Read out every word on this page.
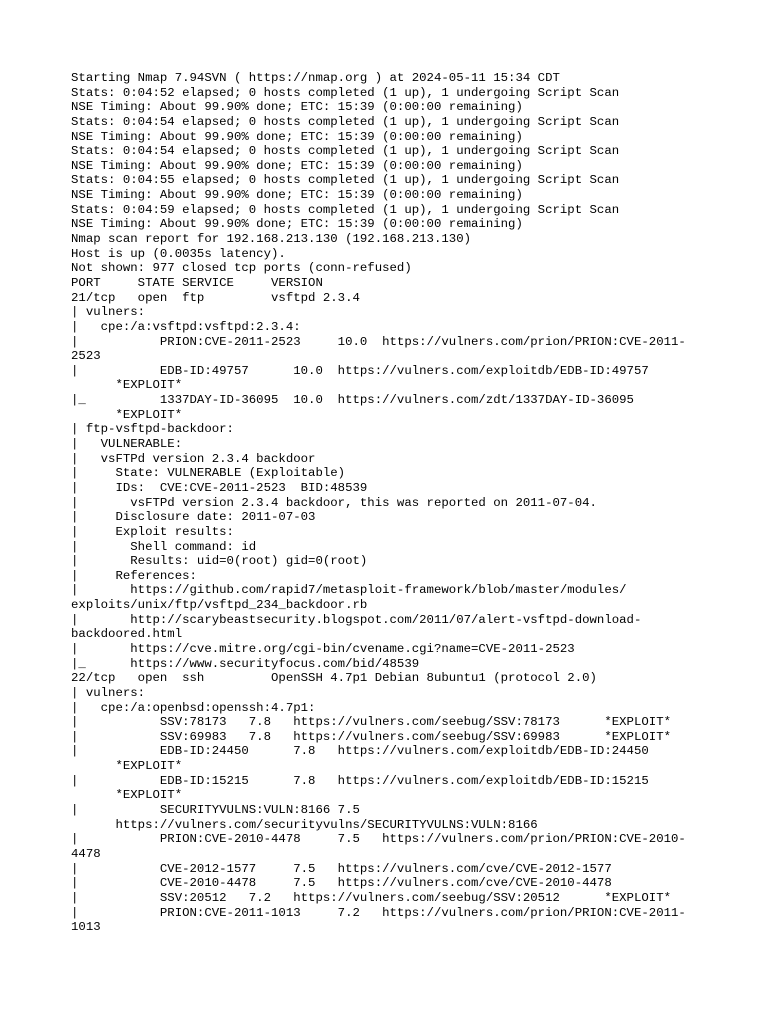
Starting Nmap 7.94SVN ( https://nmap.org ) at 2024-05-11 15:34 CDT
Stats: 0:04:52 elapsed; 0 hosts completed (1 up), 1 undergoing Script Scan
NSE Timing: About 99.90% done; ETC: 15:39 (0:00:00 remaining)
Stats: 0:04:54 elapsed; 0 hosts completed (1 up), 1 undergoing Script Scan
NSE Timing: About 99.90% done; ETC: 15:39 (0:00:00 remaining)
Stats: 0:04:54 elapsed; 0 hosts completed (1 up), 1 undergoing Script Scan
NSE Timing: About 99.90% done; ETC: 15:39 (0:00:00 remaining)
Stats: 0:04:55 elapsed; 0 hosts completed (1 up), 1 undergoing Script Scan
NSE Timing: About 99.90% done; ETC: 15:39 (0:00:00 remaining)
Stats: 0:04:59 elapsed; 0 hosts completed (1 up), 1 undergoing Script Scan
NSE Timing: About 99.90% done; ETC: 15:39 (0:00:00 remaining)
Nmap scan report for 192.168.213.130 (192.168.213.130)
Host is up (0.0035s latency).
Not shown: 977 closed tcp ports (conn-refused)
PORT     STATE SERVICE     VERSION
21/tcp   open  ftp         vsftpd 2.3.4
| vulners:
|   cpe:/a:vsftpd:vsftpd:2.3.4:
|           PRION:CVE-2011-2523     10.0  https://vulners.com/prion/PRION:CVE-2011-
2523
|           EDB-ID:49757      10.0  https://vulners.com/exploitdb/EDB-ID:49757
*EXPLOIT*
|_          1337DAY-ID-36095  10.0  https://vulners.com/zdt/1337DAY-ID-36095
*EXPLOIT*
| ftp-vsftpd-backdoor:
|   VULNERABLE:
|   vsFTPd version 2.3.4 backdoor
|     State: VULNERABLE (Exploitable)
|     IDs:  CVE:CVE-2011-2523  BID:48539
|       vsFTPd version 2.3.4 backdoor, this was reported on 2011-07-04.
|     Disclosure date: 2011-07-03
|     Exploit results:
|       Shell command: id
|       Results: uid=0(root) gid=0(root)
|     References:
|       https://github.com/rapid7/metasploit-framework/blob/master/modules/
exploits/unix/ftp/vsftpd_234_backdoor.rb
|       http://scarybeastsecurity.blogspot.com/2011/07/alert-vsftpd-download-
backdoored.html
|       https://cve.mitre.org/cgi-bin/cvename.cgi?name=CVE-2011-2523
|_      https://www.securityfocus.com/bid/48539
22/tcp   open  ssh         OpenSSH 4.7p1 Debian 8ubuntu1 (protocol 2.0)
| vulners:
|   cpe:/a:openbsd:openssh:4.7p1:
|           SSV:78173   7.8   https://vulners.com/seebug/SSV:78173      *EXPLOIT*
|           SSV:69983   7.8   https://vulners.com/seebug/SSV:69983      *EXPLOIT*
|           EDB-ID:24450      7.8   https://vulners.com/exploitdb/EDB-ID:24450
*EXPLOIT*
|           EDB-ID:15215      7.8   https://vulners.com/exploitdb/EDB-ID:15215
*EXPLOIT*
|           SECURITYVULNS:VULN:8166 7.5
https://vulners.com/securityvulns/SECURITYVULNS:VULN:8166
|           PRION:CVE-2010-4478     7.5   https://vulners.com/prion/PRION:CVE-2010-
4478
|           CVE-2012-1577     7.5   https://vulners.com/cve/CVE-2012-1577
|           CVE-2010-4478     7.5   https://vulners.com/cve/CVE-2010-4478
|           SSV:20512   7.2   https://vulners.com/seebug/SSV:20512      *EXPLOIT*
|           PRION:CVE-2011-1013     7.2   https://vulners.com/prion/PRION:CVE-2011-
1013
